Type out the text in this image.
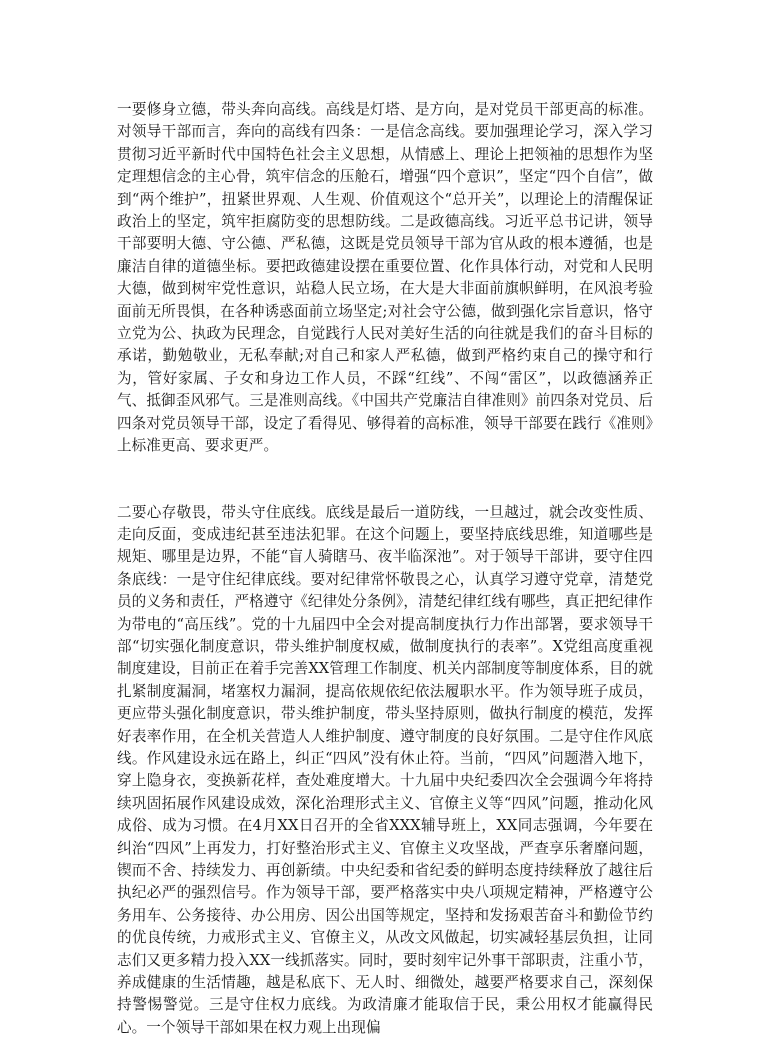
一要修身立德，带头奔向高线。高线是灯塔、是方向，是对党员干部更高的标准。对领导干部而言，奔向的高线有四条：一是信念高线。要加强理论学习，深入学习贯彻习近平新时代中国特色社会主义思想，从情感上、理论上把领袖的思想作为坚定理想信念的主心骨，筑牢信念的压舱石，增强“四个意识”，坚定“四个自信”，做到“两个维护”，扭紧世界观、人生观、价值观这个“总开关”，以理论上的清醒保证政治上的坚定，筑牢拒腐防变的思想防线。二是政德高线。习近平总书记讲，领导干部要明大德、守公德、严私德，这既是党员领导干部为官从政的根本遵循，也是廉洁自律的道德坐标。要把政德建设摆在重要位置、化作具体行动，对党和人民明大德，做到树牢党性意识，站稳人民立场，在大是大非面前旗帜鲜明，在风浪考验面前无所畏惧，在各种诱惑面前立场坚定;对社会守公德，做到强化宗旨意识，恪守立党为公、执政为民理念，自觉践行人民对美好生活的向往就是我们的奋斗目标的承诺，勤勉敬业，无私奉献;对自己和家人严私德，做到严格约束自己的操守和行为，管好家属、子女和身边工作人员，不踩“红线”、不闯“雷区”，以政德涵养正气、抵御歪风邪气。三是准则高线。《中国共产党廉洁自律准则》前四条对党员、后四条对党员领导干部，设定了看得见、够得着的高标准，领导干部要在践行《准则》上标准更高、要求更严。

二要心存敬畏，带头守住底线。底线是最后一道防线，一旦越过，就会改变性质、走向反面，变成违纪甚至违法犯罪。在这个问题上，要坚持底线思维，知道哪些是规矩、哪里是边界，不能“盲人骑瞎马、夜半临深池”。对于领导干部讲，要守住四条底线：一是守住纪律底线。要对纪律常怀敬畏之心，认真学习遵守党章，清楚党员的义务和责任，严格遵守《纪律处分条例》，清楚纪律红线有哪些，真正把纪律作为带电的“高压线”。党的十九届四中全会对提高制度执行力作出部署，要求领导干部“切实强化制度意识，带头维护制度权威，做制度执行的表率”。X党组高度重视制度建设，目前正在着手完善XX管理工作制度、机关内部制度等制度体系，目的就扎紧制度漏洞，堵塞权力漏洞，提高依规依纪依法履职水平。作为领导班子成员，更应带头强化制度意识，带头维护制度，带头坚持原则，做执行制度的模范，发挥好表率作用，在全机关营造人人维护制度、遵守制度的良好氛围。二是守住作风底线。作风建设永远在路上，纠正“四风”没有休止符。当前，“四风”问题潜入地下，穿上隐身衣，变换新花样，查处难度增大。十九届中央纪委四次全会强调今年将持续巩固拓展作风建设成效，深化治理形式主义、官僚主义等“四风”问题，推动化风成俗、成为习惯。在4月XX日召开的全省XXX辅导班上，XX同志强调，今年要在纠治“四风”上再发力，打好整治形式主义、官僚主义攻坚战，严查享乐奢靡问题，锲而不舍、持续发力、再创新绩。中央纪委和省纪委的鲜明态度持续释放了越往后执纪必严的强烈信号。作为领导干部，要严格落实中央八项规定精神，严格遵守公务用车、公务接待、办公用房、因公出国等规定，坚持和发扬艰苦奋斗和勤俭节约的优良传统，力戒形式主义、官僚主义，从改文风做起，切实减轻基层负担，让同志们又更多精力投入XX一线抓落实。同时，要时刻牢记外事干部职责，注重小节，养成健康的生活情趣，越是私底下、无人时、细微处，越要严格要求自己，深刻保持警惕警觉。三是守住权力底线。为政清廉才能取信于民，秉公用权才能赢得民心。一个领导干部如果在权力观上出现偏
